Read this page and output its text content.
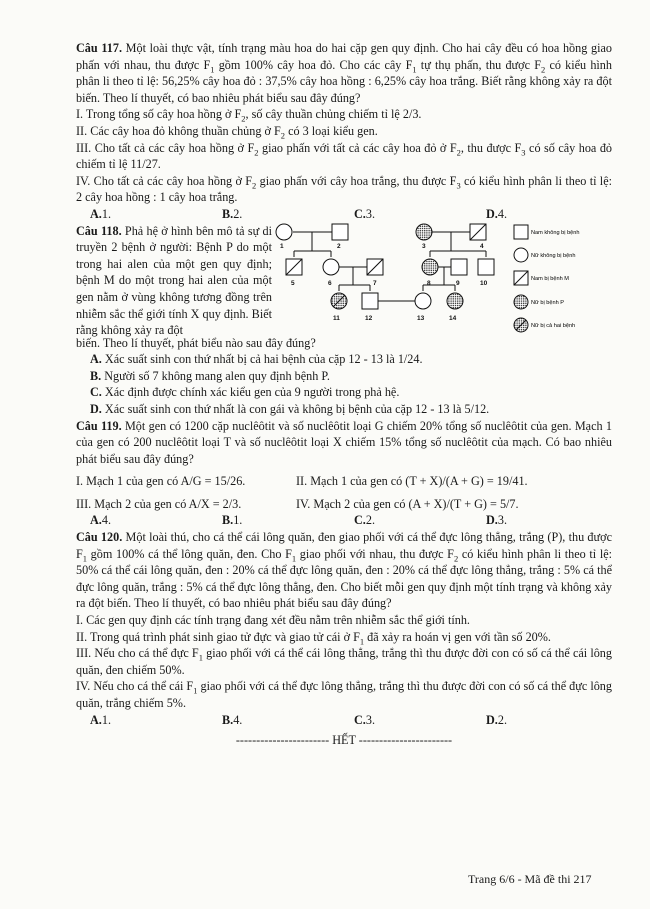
Câu 117. Một loài thực vật, tính trạng màu hoa do hai cặp gen quy định. Cho hai cây đều có hoa hồng giao phấn với nhau, thu được $F_1$ gồm 100% cây hoa đỏ. Cho các cây $F_1$ tự thụ phấn, thu được $F_2$ có kiểu hình phân li theo tỉ lệ: 56,25% cây hoa đỏ : 37,5% cây hoa hồng : 6,25% cây hoa trắng. Biết rằng không xảy ra đột biến. Theo lí thuyết, có bao nhiêu phát biểu sau đây đúng?

I. Trong tổng số cây hoa hồng ở $F_2$, số cây thuần chủng chiếm tỉ lệ 2/3.

II. Các cây hoa đỏ không thuần chủng ở $F_2$ có 3 loại kiểu gen.

III. Cho tất cả các cây hoa hồng ở $F_2$ giao phấn với tất cả các cây hoa đỏ ở $F_2$, thu được $F_3$ có số cây hoa đỏ chiếm tỉ lệ 11/27.

IV. Cho tất cả các cây hoa hồng ở $F_2$ giao phấn với cây hoa trắng, thu được $F_3$ có kiểu hình phân li theo tỉ lệ: 2 cây hoa hồng : 1 cây hoa trắng.

A.1.	B.2.	C.3.	D.4.

Câu 118. Phả hệ ở hình bên mô tả sự di truyền 2 bệnh ở người: Bệnh P do một trong hai alen của một gen quy định; bệnh M do một trong hai alen của một gen nằm ở vùng không tương đồng trên nhiễm sắc thể giới tính X quy định. Biết rằng không xảy ra đột

1	2	3	4
5	6	7	8	9	10
11	12	13	14
Nam không bị bệnh
Nữ không bị bệnh
Nam bị bệnh M
Nữ bị bệnh P
Nữ bị cả hai bệnh

biến. Theo lí thuyết, phát biểu nào sau đây đúng?

A. Xác suất sinh con thứ nhất bị cả hai bệnh của cặp 12 - 13 là 1/24.

B. Người số 7 không mang alen quy định bệnh P.

C. Xác định được chính xác kiểu gen của 9 người trong phả hệ.

D. Xác suất sinh con thứ nhất là con gái và không bị bệnh của cặp 12 - 13 là 5/12.

Câu 119. Một gen có 1200 cặp nuclêôtit và số nuclêôtit loại G chiếm 20% tổng số nuclêôtit của gen. Mạch 1 của gen có 200 nuclêôtit loại T và số nuclêôtit loại X chiếm 15% tổng số nuclêôtit của mạch. Có bao nhiêu phát biểu sau đây đúng?

I. Mạch 1 của gen có A/G = 15/26.	II. Mạch 1 của gen có (T + X)/(A + G) = 19/41.
III. Mạch 2 của gen có A/X = 2/3.	IV. Mạch 2 của gen có (A + X)/(T + G) = 5/7.
A.4.	B.1.	C.2.	D.3.

Câu 120. Một loài thú, cho cá thể cái lông quăn, đen giao phối với cá thể đực lông thẳng, trắng (P), thu được $F_1$ gồm 100% cá thể lông quăn, đen. Cho $F_1$ giao phối với nhau, thu được $F_2$ có kiểu hình phân li theo tỉ lệ: 50% cá thể cái lông quăn, đen : 20% cá thể đực lông quăn, đen : 20% cá thể đực lông thẳng, trắng : 5% cá thể đực lông quăn, trắng : 5% cá thể đực lông thẳng, đen. Cho biết mỗi gen quy định một tính trạng và không xảy ra đột biến. Theo lí thuyết, có bao nhiêu phát biểu sau đây đúng?

I. Các gen quy định các tính trạng đang xét đều nằm trên nhiễm sắc thể giới tính.

II. Trong quá trình phát sinh giao tử đực và giao tử cái ở $F_1$ đã xảy ra hoán vị gen với tần số 20%.

III. Nếu cho cá thể đực $F_1$ giao phối với cá thể cái lông thẳng, trắng thì thu được đời con có số cá thể cái lông quăn, đen chiếm 50%.

IV. Nếu cho cá thể cái $F_1$ giao phối với cá thể đực lông thẳng, trắng thì thu được đời con có số cá thể đực lông quăn, trắng chiếm 5%.

A.1.	B.4.	C.3.	D.2.

----------------------- HẾT -----------------------

Trang 6/6 - Mã đề thi 217
